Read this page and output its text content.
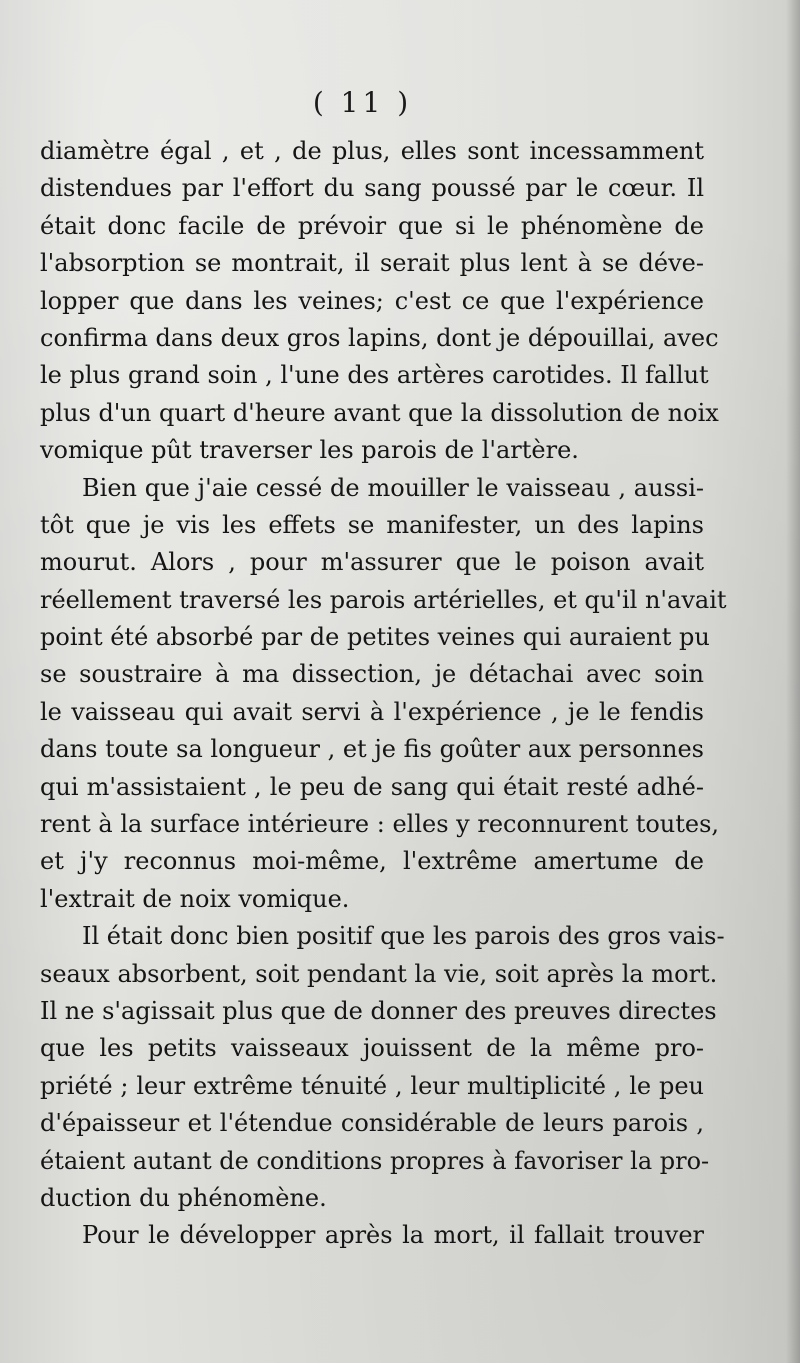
( 11 )
diamètre égal , et , de plus, elles sont incessamment
distendues par l'effort du sang poussé par le cœur. Il
était donc facile de prévoir que si le phénomène de
l'absorption se montrait, il serait plus lent à se déve-
lopper que dans les veines; c'est ce que l'expérience
confirma dans deux gros lapins, dont je dépouillai, avec
le plus grand soin , l'une des artères carotides. Il fallut
plus d'un quart d'heure avant que la dissolution de noix
vomique pût traverser les parois de l'artère.
Bien que j'aie cessé de mouiller le vaisseau , aussi-
tôt que je vis les effets se manifester, un des lapins
mourut. Alors , pour m'assurer que le poison avait
réellement traversé les parois artérielles, et qu'il n'avait
point été absorbé par de petites veines qui auraient pu
se soustraire à ma dissection, je détachai avec soin
le vaisseau qui avait servi à l'expérience , je le fendis
dans toute sa longueur , et je fis goûter aux personnes
qui m'assistaient , le peu de sang qui était resté adhé-
rent à la surface intérieure : elles y reconnurent toutes,
et j'y reconnus moi-même, l'extrême amertume de
l'extrait de noix vomique.
Il était donc bien positif que les parois des gros vais-
seaux absorbent, soit pendant la vie, soit après la mort.
Il ne s'agissait plus que de donner des preuves directes
que les petits vaisseaux jouissent de la même pro-
priété ; leur extrême ténuité , leur multiplicité , le peu
d'épaisseur et l'étendue considérable de leurs parois ,
étaient autant de conditions propres à favoriser la pro-
duction du phénomène.
Pour le développer après la mort, il fallait trouver
